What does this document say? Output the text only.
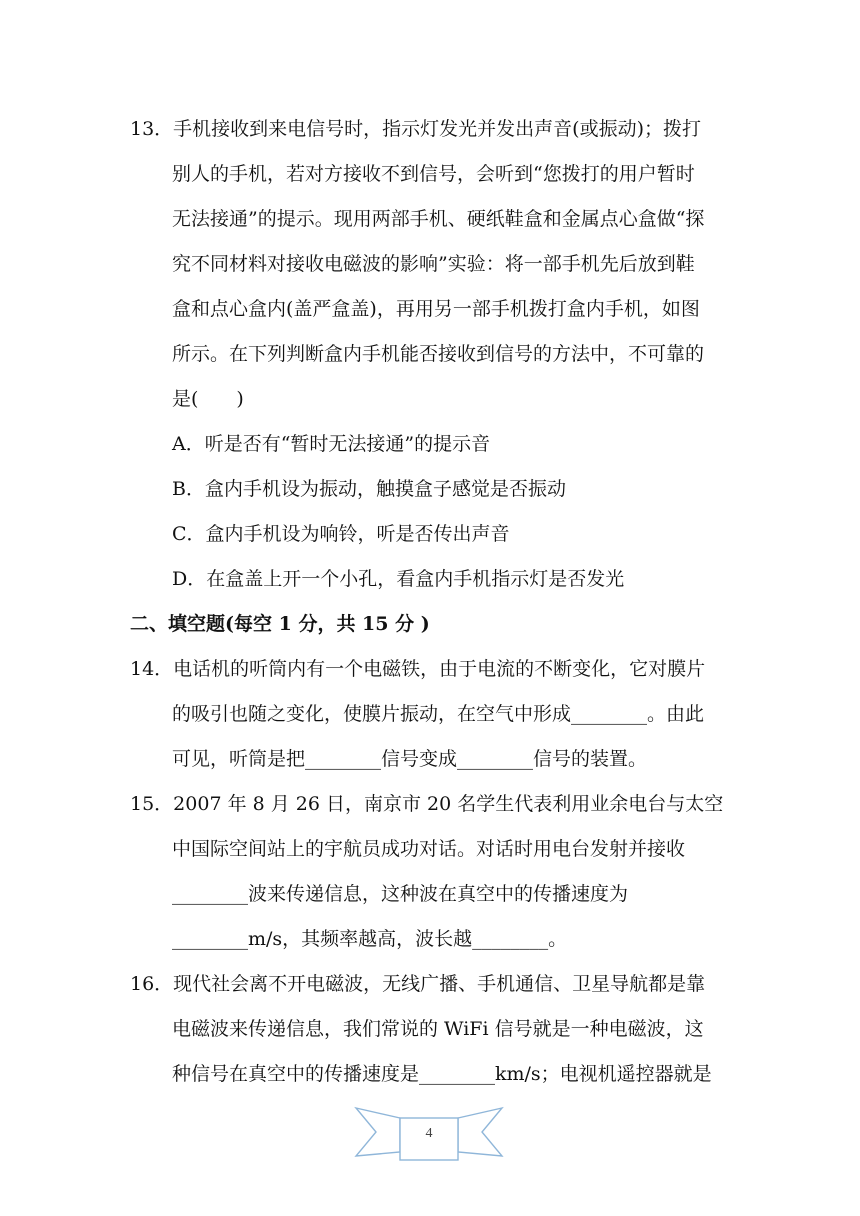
13．手机接收到来电信号时，指示灯发光并发出声音(或振动)；拨打
别人的手机，若对方接收不到信号，会听到“您拨打的用户暂时
无法接通”的提示。现用两部手机、硬纸鞋盒和金属点心盒做“探
究不同材料对接收电磁波的影响”实验：将一部手机先后放到鞋
盒和点心盒内(盖严盒盖)，再用另一部手机拨打盒内手机，如图
所示。在下列判断盒内手机能否接收到信号的方法中，不可靠的
是(　　)
A．听是否有“暂时无法接通”的提示音
B．盒内手机设为振动，触摸盒子感觉是否振动
C．盒内手机设为响铃，听是否传出声音
D．在盒盖上开一个小孔，看盒内手机指示灯是否发光
二、填空题(每空 1 分，共 15 分 )
14．电话机的听筒内有一个电磁铁，由于电流的不断变化，它对膜片
的吸引也随之变化，使膜片振动，在空气中形成________。由此
可见，听筒是把________信号变成________信号的装置。
15．2007 年 8 月 26 日，南京市 20 名学生代表利用业余电台与太空
中国际空间站上的宇航员成功对话。对话时用电台发射并接收
________波来传递信息，这种波在真空中的传播速度为
________m/s，其频率越高，波长越________。
16．现代社会离不开电磁波，无线广播、手机通信、卫星导航都是靠
电磁波来传递信息，我们常说的 WiFi 信号就是一种电磁波，这
种信号在真空中的传播速度是________km/s；电视机遥控器就是
4
